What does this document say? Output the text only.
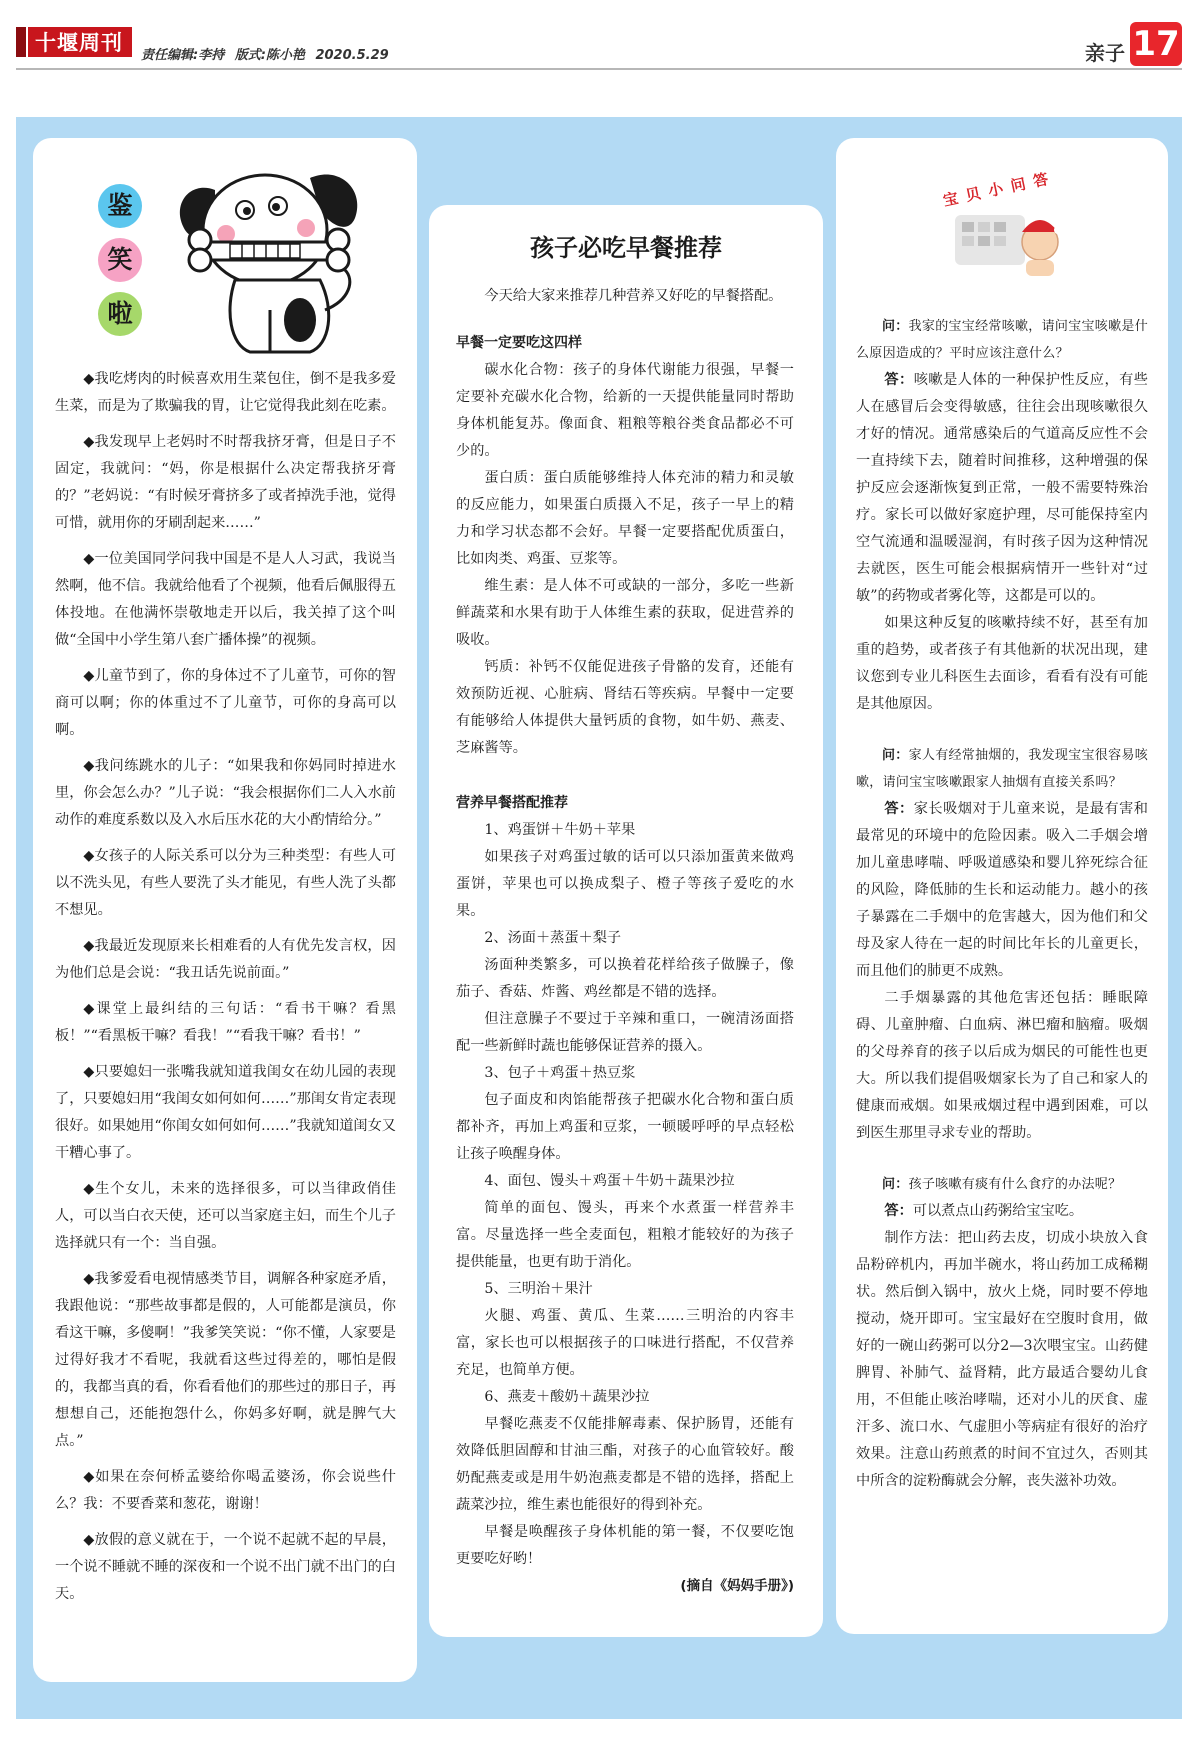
十堰周刊
责任编辑:李持 版式:陈小艳 2020.5.29	亲子 17
鉴
笑
啦

◆我吃烤肉的时候喜欢用生菜包住，倒不是我多爱生菜，而是为了欺骗我的胃，让它觉得我此刻在吃素。

◆我发现早上老妈时不时帮我挤牙膏，但是日子不固定，我就问：“妈，你是根据什么决定帮我挤牙膏的？”老妈说：“有时候牙膏挤多了或者掉洗手池，觉得可惜，就用你的牙刷刮起来……”

◆一位美国同学问我中国是不是人人习武，我说当然啊，他不信。我就给他看了个视频，他看后佩服得五体投地。在他满怀崇敬地走开以后，我关掉了这个叫做“全国中小学生第八套广播体操”的视频。

◆儿童节到了，你的身体过不了儿童节，可你的智商可以啊；你的体重过不了儿童节，可你的身高可以啊。

◆我问练跳水的儿子：“如果我和你妈同时掉进水里，你会怎么办？”儿子说：“我会根据你们二人入水前动作的难度系数以及入水后压水花的大小酌情给分。”

◆女孩子的人际关系可以分为三种类型：有些人可以不洗头见，有些人要洗了头才能见，有些人洗了头都不想见。

◆我最近发现原来长相难看的人有优先发言权，因为他们总是会说：“我丑话先说前面。”

◆课堂上最纠结的三句话：“看书干嘛？看黑板！”“看黑板干嘛？看我！”“看我干嘛？看书！”

◆只要媳妇一张嘴我就知道我闺女在幼儿园的表现了，只要媳妇用“我闺女如何如何……”那闺女肯定表现很好。如果她用“你闺女如何如何……”我就知道闺女又干糟心事了。

◆生个女儿，未来的选择很多，可以当律政俏佳人，可以当白衣天使，还可以当家庭主妇，而生个儿子选择就只有一个：当自强。

◆我爹爱看电视情感类节目，调解各种家庭矛盾，我跟他说：“那些故事都是假的，人可能都是演员，你看这干嘛，多傻啊！”我爹笑笑说：“你不懂，人家要是过得好我才不看呢，我就看这些过得差的，哪怕是假的，我都当真的看，你看看他们的那些过的那日子，再想想自己，还能抱怨什么，你妈多好啊，就是脾气大点。”

◆如果在奈何桥孟婆给你喝孟婆汤，你会说些什么？我：不要香菜和葱花，谢谢！

◆放假的意义就在于，一个说不起就不起的早晨，一个说不睡就不睡的深夜和一个说不出门就不出门的白天。

孩子必吃早餐推荐

今天给大家来推荐几种营养又好吃的早餐搭配。

早餐一定要吃这四样

碳水化合物：孩子的身体代谢能力很强，早餐一定要补充碳水化合物，给新的一天提供能量同时帮助身体机能复苏。像面食、粗粮等粮谷类食品都必不可少的。

蛋白质：蛋白质能够维持人体充沛的精力和灵敏的反应能力，如果蛋白质摄入不足，孩子一早上的精力和学习状态都不会好。早餐一定要搭配优质蛋白，比如肉类、鸡蛋、豆浆等。

维生素：是人体不可或缺的一部分，多吃一些新鲜蔬菜和水果有助于人体维生素的获取，促进营养的吸收。

钙质：补钙不仅能促进孩子骨骼的发育，还能有效预防近视、心脏病、肾结石等疾病。早餐中一定要有能够给人体提供大量钙质的食物，如牛奶、燕麦、芝麻酱等。

营养早餐搭配推荐

1、鸡蛋饼＋牛奶＋苹果

如果孩子对鸡蛋过敏的话可以只添加蛋黄来做鸡蛋饼，苹果也可以换成梨子、橙子等孩子爱吃的水果。

2、汤面＋蒸蛋＋梨子

汤面种类繁多，可以换着花样给孩子做臊子，像茄子、香菇、炸酱、鸡丝都是不错的选择。

但注意臊子不要过于辛辣和重口，一碗清汤面搭配一些新鲜时蔬也能够保证营养的摄入。

3、包子＋鸡蛋＋热豆浆

包子面皮和肉馅能帮孩子把碳水化合物和蛋白质都补齐，再加上鸡蛋和豆浆，一顿暖呼呼的早点轻松让孩子唤醒身体。

4、面包、馒头＋鸡蛋＋牛奶＋蔬果沙拉

简单的面包、馒头，再来个水煮蛋一样营养丰富。尽量选择一些全麦面包，粗粮才能较好的为孩子提供能量，也更有助于消化。

5、三明治＋果汁

火腿、鸡蛋、黄瓜、生菜……三明治的内容丰富，家长也可以根据孩子的口味进行搭配，不仅营养充足，也简单方便。

6、燕麦＋酸奶＋蔬果沙拉

早餐吃燕麦不仅能排解毒素、保护肠胃，还能有效降低胆固醇和甘油三酯，对孩子的心血管较好。酸奶配燕麦或是用牛奶泡燕麦都是不错的选择，搭配上蔬菜沙拉，维生素也能很好的得到补充。

早餐是唤醒孩子身体机能的第一餐，不仅要吃饱更要吃好哟！

(摘自《妈妈手册》)

宝贝小问答

问：我家的宝宝经常咳嗽，请问宝宝咳嗽是什么原因造成的？平时应该注意什么？

答：咳嗽是人体的一种保护性反应，有些人在感冒后会变得敏感，往往会出现咳嗽很久才好的情况。通常感染后的气道高反应性不会一直持续下去，随着时间推移，这种增强的保护反应会逐渐恢复到正常，一般不需要特殊治疗。家长可以做好家庭护理，尽可能保持室内空气流通和温暖湿润，有时孩子因为这种情况去就医，医生可能会根据病情开一些针对“过敏”的药物或者雾化等，这都是可以的。

如果这种反复的咳嗽持续不好，甚至有加重的趋势，或者孩子有其他新的状况出现，建议您到专业儿科医生去面诊，看看有没有可能是其他原因。

问：家人有经常抽烟的，我发现宝宝很容易咳嗽，请问宝宝咳嗽跟家人抽烟有直接关系吗？

答：家长吸烟对于儿童来说，是最有害和最常见的环境中的危险因素。吸入二手烟会增加儿童患哮喘、呼吸道感染和婴儿猝死综合征的风险，降低肺的生长和运动能力。越小的孩子暴露在二手烟中的危害越大，因为他们和父母及家人待在一起的时间比年长的儿童更长，而且他们的肺更不成熟。

二手烟暴露的其他危害还包括：睡眠障碍、儿童肿瘤、白血病、淋巴瘤和脑瘤。吸烟的父母养育的孩子以后成为烟民的可能性也更大。所以我们提倡吸烟家长为了自己和家人的健康而戒烟。如果戒烟过程中遇到困难，可以到医生那里寻求专业的帮助。

问：孩子咳嗽有痰有什么食疗的办法呢？

答：可以煮点山药粥给宝宝吃。

制作方法：把山药去皮，切成小块放入食品粉碎机内，再加半碗水，将山药加工成稀糊状。然后倒入锅中，放火上烧，同时要不停地搅动，烧开即可。宝宝最好在空腹时食用，做好的一碗山药粥可以分2—3次喂宝宝。山药健脾胃、补肺气、益肾精，此方最适合婴幼儿食用，不但能止咳治哮喘，还对小儿的厌食、虚汗多、流口水、气虚胆小等病症有很好的治疗效果。注意山药煎煮的时间不宜过久，否则其中所含的淀粉酶就会分解，丧失滋补功效。
